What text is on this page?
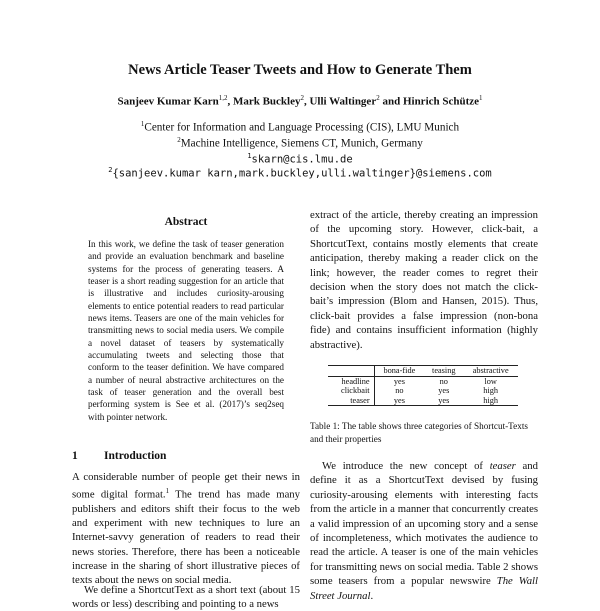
News Article Teaser Tweets and How to Generate Them
Sanjeev Kumar Karn$^{1,2}$, Mark Buckley$^2$, Ulli Waltinger$^2$ and Hinrich Schütze$^1$
$^1$Center for Information and Language Processing (CIS), LMU Munich
$^2$Machine Intelligence, Siemens CT, Munich, Germany
$^1$skarn@cis.lmu.de
$^2${sanjeev.kumar karn,mark.buckley,ulli.waltinger}@siemens.com
Abstract

In this work, we define the task of teaser generation and provide an evaluation benchmark and baseline systems for the process of generating teasers. A teaser is a short reading suggestion for an article that is illustrative and includes curiosity-arousing elements to entice potential readers to read particular news items. Teasers are one of the main vehicles for transmitting news to social media users. We compile a novel dataset of teasers by systematically accumulating tweets and selecting those that conform to the teaser definition. We have compared a number of neural abstractive architectures on the task of teaser generation and the overall best performing system is See et al. (2017)’s seq2seq with pointer network.

1 Introduction

A considerable number of people get their news in some digital format.$^1$ The trend has made many publishers and editors shift their focus to the web and experiment with new techniques to lure an Internet-savvy generation of readers to read their news stories. Therefore, there has been a noticeable increase in the sharing of short illustrative pieces of texts about the news on social media.

We define a ShortcutText as a short text (about 15 words or less) describing and pointing to a news

extract of the article, thereby creating an impression of the upcoming story. However, click-bait, a ShortcutText, contains mostly elements that create anticipation, thereby making a reader click on the link; however, the reader comes to regret their decision when the story does not match the click-bait’s impression (Blom and Hansen, 2015). Thus, click-bait provides a false impression (non-bona fide) and contains insufficient information (highly abstractive).

	bona-fide	teasing	abstractive
headline	yes	no	low
clickbait	no	yes	high
teaser	yes	yes	high

Table 1: The table shows three categories of Shortcut-Texts and their properties

We introduce the new concept of teaser and define it as a ShortcutText devised by fusing curiosity-arousing elements with interesting facts from the article in a manner that concurrently creates a valid impression of an upcoming story and a sense of incompleteness, which motivates the audience to read the article. A teaser is one of the main vehicles for transmitting news on social media. Table 2 shows some teasers from a popular newswire The Wall Street Journal.
